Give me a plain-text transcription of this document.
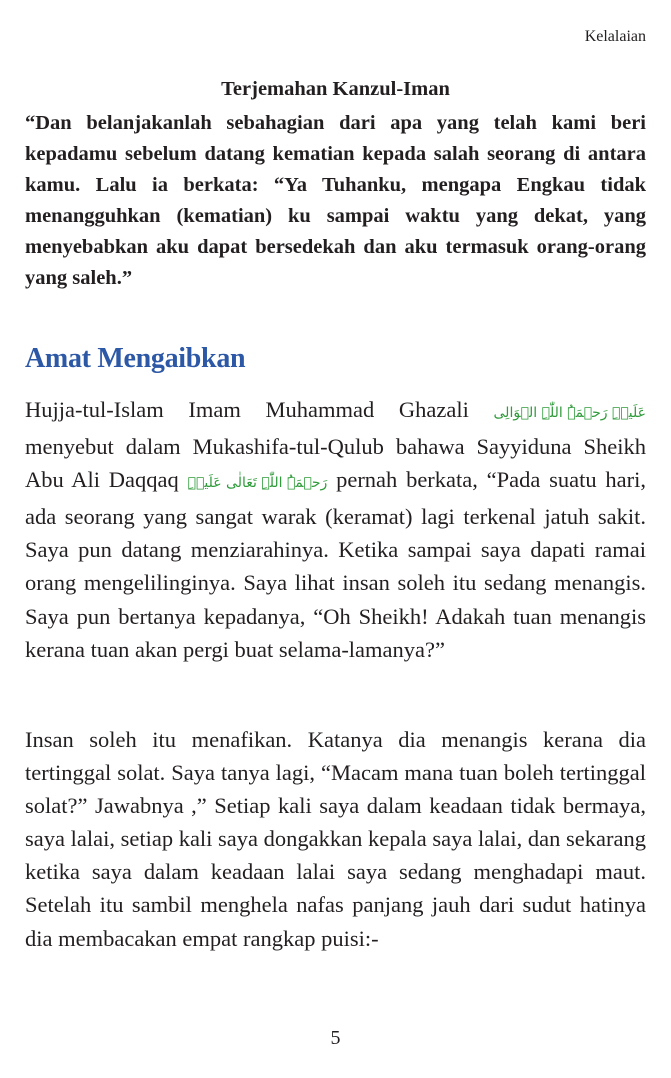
Kelalaian
Terjemahan Kanzul-Iman

“Dan belanjakanlah sebahagian dari apa yang telah kami beri kepadamu sebelum datang kematian kepada salah seorang di antara kamu. Lalu ia berkata: “Ya Tuhanku, mengapa Engkau tidak menangguhkan (kematian) ku sampai waktu yang dekat, yang menyebabkan aku dapat bersedekah dan aku termasuk orang-orang yang saleh.”

Amat Mengaibkan

Hujja-tul-Islam Imam Muhammad Ghazali عَلَیۡہِ رَحۡمَۃُ اللّٰہِ الۡوَالِی menyebut dalam Mukashifa-tul-Qulub bahawa Sayyiduna Sheikh Abu Ali Daqqaq رَحۡمَۃُ اللّٰہِ تَعَالٰی عَلَیۡہِ pernah berkata, “Pada suatu hari, ada seorang yang sangat warak (keramat) lagi terkenal jatuh sakit. Saya pun datang menziarahinya. Ketika sampai saya dapati ramai orang mengelilinginya. Saya lihat insan soleh itu sedang menangis. Saya pun bertanya kepadanya, “Oh Sheikh! Adakah tuan menangis kerana tuan akan pergi buat selama-lamanya?”

Insan soleh itu menafikan. Katanya dia menangis kerana dia tertinggal solat. Saya tanya lagi, “Macam mana tuan boleh tertinggal solat?” Jawabnya ,” Setiap kali saya dalam keadaan tidak bermaya, saya lalai, setiap kali saya dongakkan kepala saya lalai, dan sekarang ketika saya dalam keadaan lalai saya sedang menghadapi maut. Setelah itu sambil menghela nafas panjang jauh dari sudut hatinya dia membacakan empat rangkap puisi:-

5
